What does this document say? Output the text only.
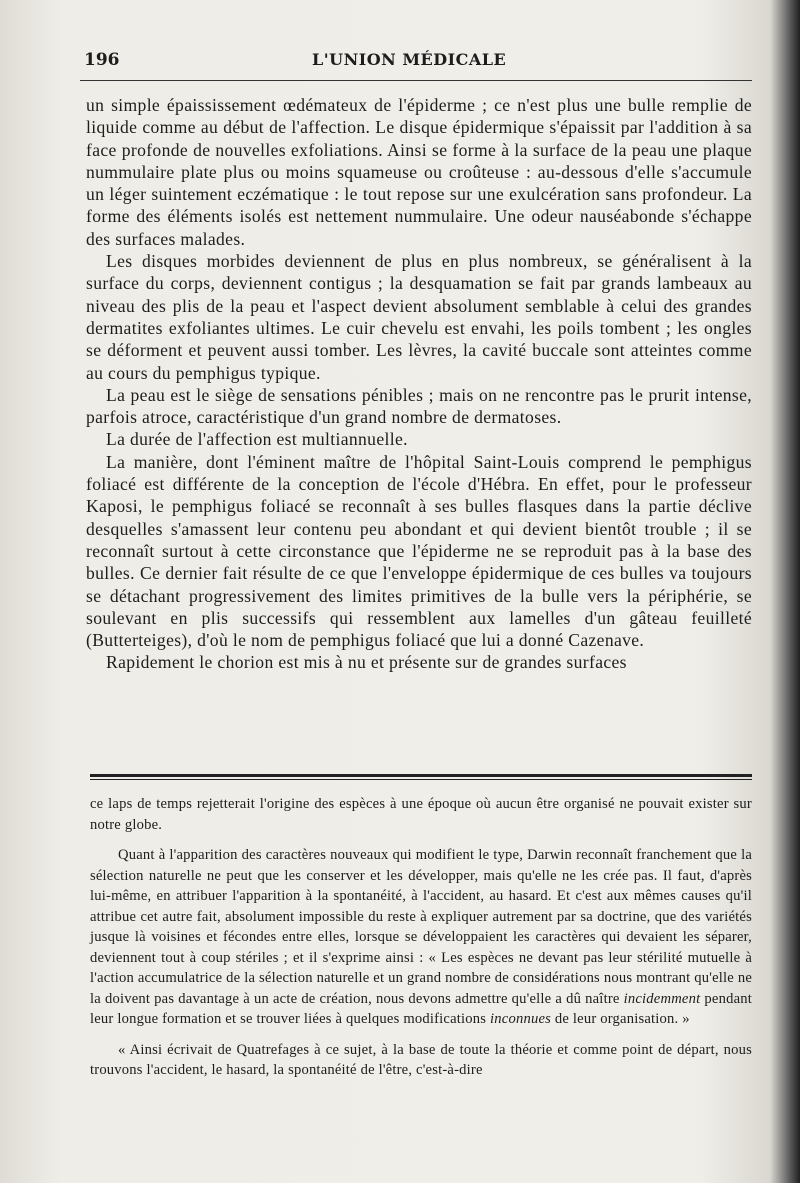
196	L'UNION MÉDICALE

un simple épaississement œdémateux de l'épiderme ; ce n'est plus une bulle remplie de liquide comme au début de l'affection. Le disque épidermique s'épaissit par l'addition à sa face profonde de nouvelles exfoliations. Ainsi se forme à la surface de la peau une plaque nummulaire plate plus ou moins squameuse ou croûteuse : au-dessous d'elle s'accumule un léger suintement eczématique : le tout repose sur une exulcération sans profondeur. La forme des éléments isolés est nettement nummulaire. Une odeur nauséabonde s'échappe des surfaces malades.

Les disques morbides deviennent de plus en plus nombreux, se généralisent à la surface du corps, deviennent contigus ; la desquamation se fait par grands lambeaux au niveau des plis de la peau et l'aspect devient absolument semblable à celui des grandes dermatites exfoliantes ultimes. Le cuir chevelu est envahi, les poils tombent ; les ongles se déforment et peuvent aussi tomber. Les lèvres, la cavité buccale sont atteintes comme au cours du pemphigus typique.

La peau est le siège de sensations pénibles ; mais on ne rencontre pas le prurit intense, parfois atroce, caractéristique d'un grand nombre de dermatoses.

La durée de l'affection est multiannuelle.

La manière, dont l'éminent maître de l'hôpital Saint-Louis comprend le pemphigus foliacé est différente de la conception de l'école d'Hébra. En effet, pour le professeur Kaposi, le pemphigus foliacé se reconnaît à ses bulles flasques dans la partie déclive desquelles s'amassent leur contenu peu abondant et qui devient bientôt trouble ; il se reconnaît surtout à cette circonstance que l'épiderme ne se reproduit pas à la base des bulles. Ce dernier fait résulte de ce que l'enveloppe épidermique de ces bulles va toujours se détachant progressivement des limites primitives de la bulle vers la périphérie, se soulevant en plis successifs qui ressemblent aux lamelles d'un gâteau feuilleté (Butterteiges), d'où le nom de pemphigus foliacé que lui a donné Cazenave.

Rapidement le chorion est mis à nu et présente sur de grandes surfaces

ce laps de temps rejetterait l'origine des espèces à une époque où aucun être organisé ne pouvait exister sur notre globe.

Quant à l'apparition des caractères nouveaux qui modifient le type, Darwin reconnaît franchement que la sélection naturelle ne peut que les conserver et les développer, mais qu'elle ne les crée pas. Il faut, d'après lui-même, en attribuer l'apparition à la spontanéité, à l'accident, au hasard. Et c'est aux mêmes causes qu'il attribue cet autre fait, absolument impossible du reste à expliquer autrement par sa doctrine, que des variétés jusque là voisines et fécondes entre elles, lorsque se développaient les caractères qui devaient les séparer, deviennent tout à coup stériles ; et il s'exprime ainsi : « Les espèces ne devant pas leur stérilité mutuelle à l'action accumulatrice de la sélection naturelle et un grand nombre de considérations nous montrant qu'elle ne la doivent pas davantage à un acte de création, nous devons admettre qu'elle a dû naître incidemment pendant leur longue formation et se trouver liées à quelques modifications inconnues de leur organisation. »

« Ainsi écrivait de Quatrefages à ce sujet, à la base de toute la théorie et comme point de départ, nous trouvons l'accident, le hasard, la spontanéité de l'être, c'est-à-dire
